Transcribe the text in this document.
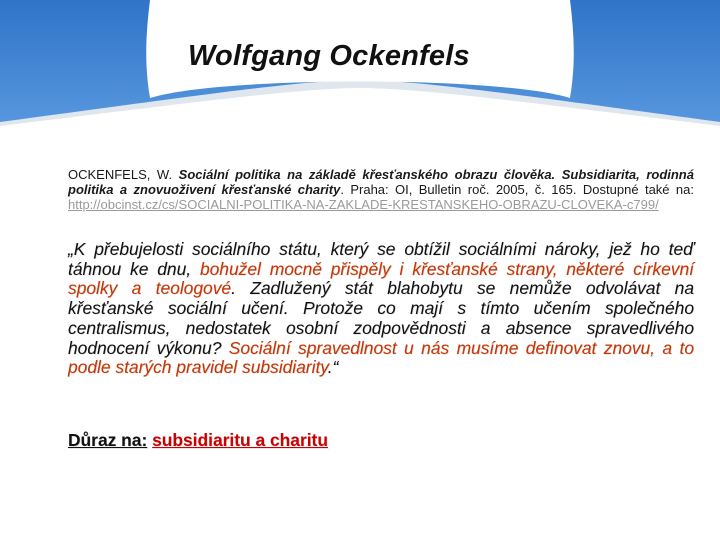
Wolfgang Ockenfels
OCKENFELS, W. Sociální politika na základě křesťanského obrazu člověka. Subsidiarita, rodinná politika a znovuoživení křesťanské charity. Praha: OI, Bulletin roč. 2005, č. 165. Dostupné také na: http://obcinst.cz/cs/SOCIALNI-POLITIKA-NA-ZAKLADE-KRESTANSKEHO-OBRAZU-CLOVEKA-c799/
„K přebujelosti sociálního státu, který se obtížil sociálními nároky, jež ho teď táhnou ke dnu, bohužel mocně přispěly i křesťanské strany, některé církevní spolky a teologové. Zadlužený stát blahobytu se nemůže odvolávat na křesťanské sociální učení. Protože co mají s tímto učením společného centralismus, nedostatek osobní zodpovědnosti a absence spravedlivého hodnocení výkonu? Sociální spravedlnost u nás musíme definovat znovu, a to podle starých pravidel subsidiarity.“
Důraz na: subsidiaritu a charitu
